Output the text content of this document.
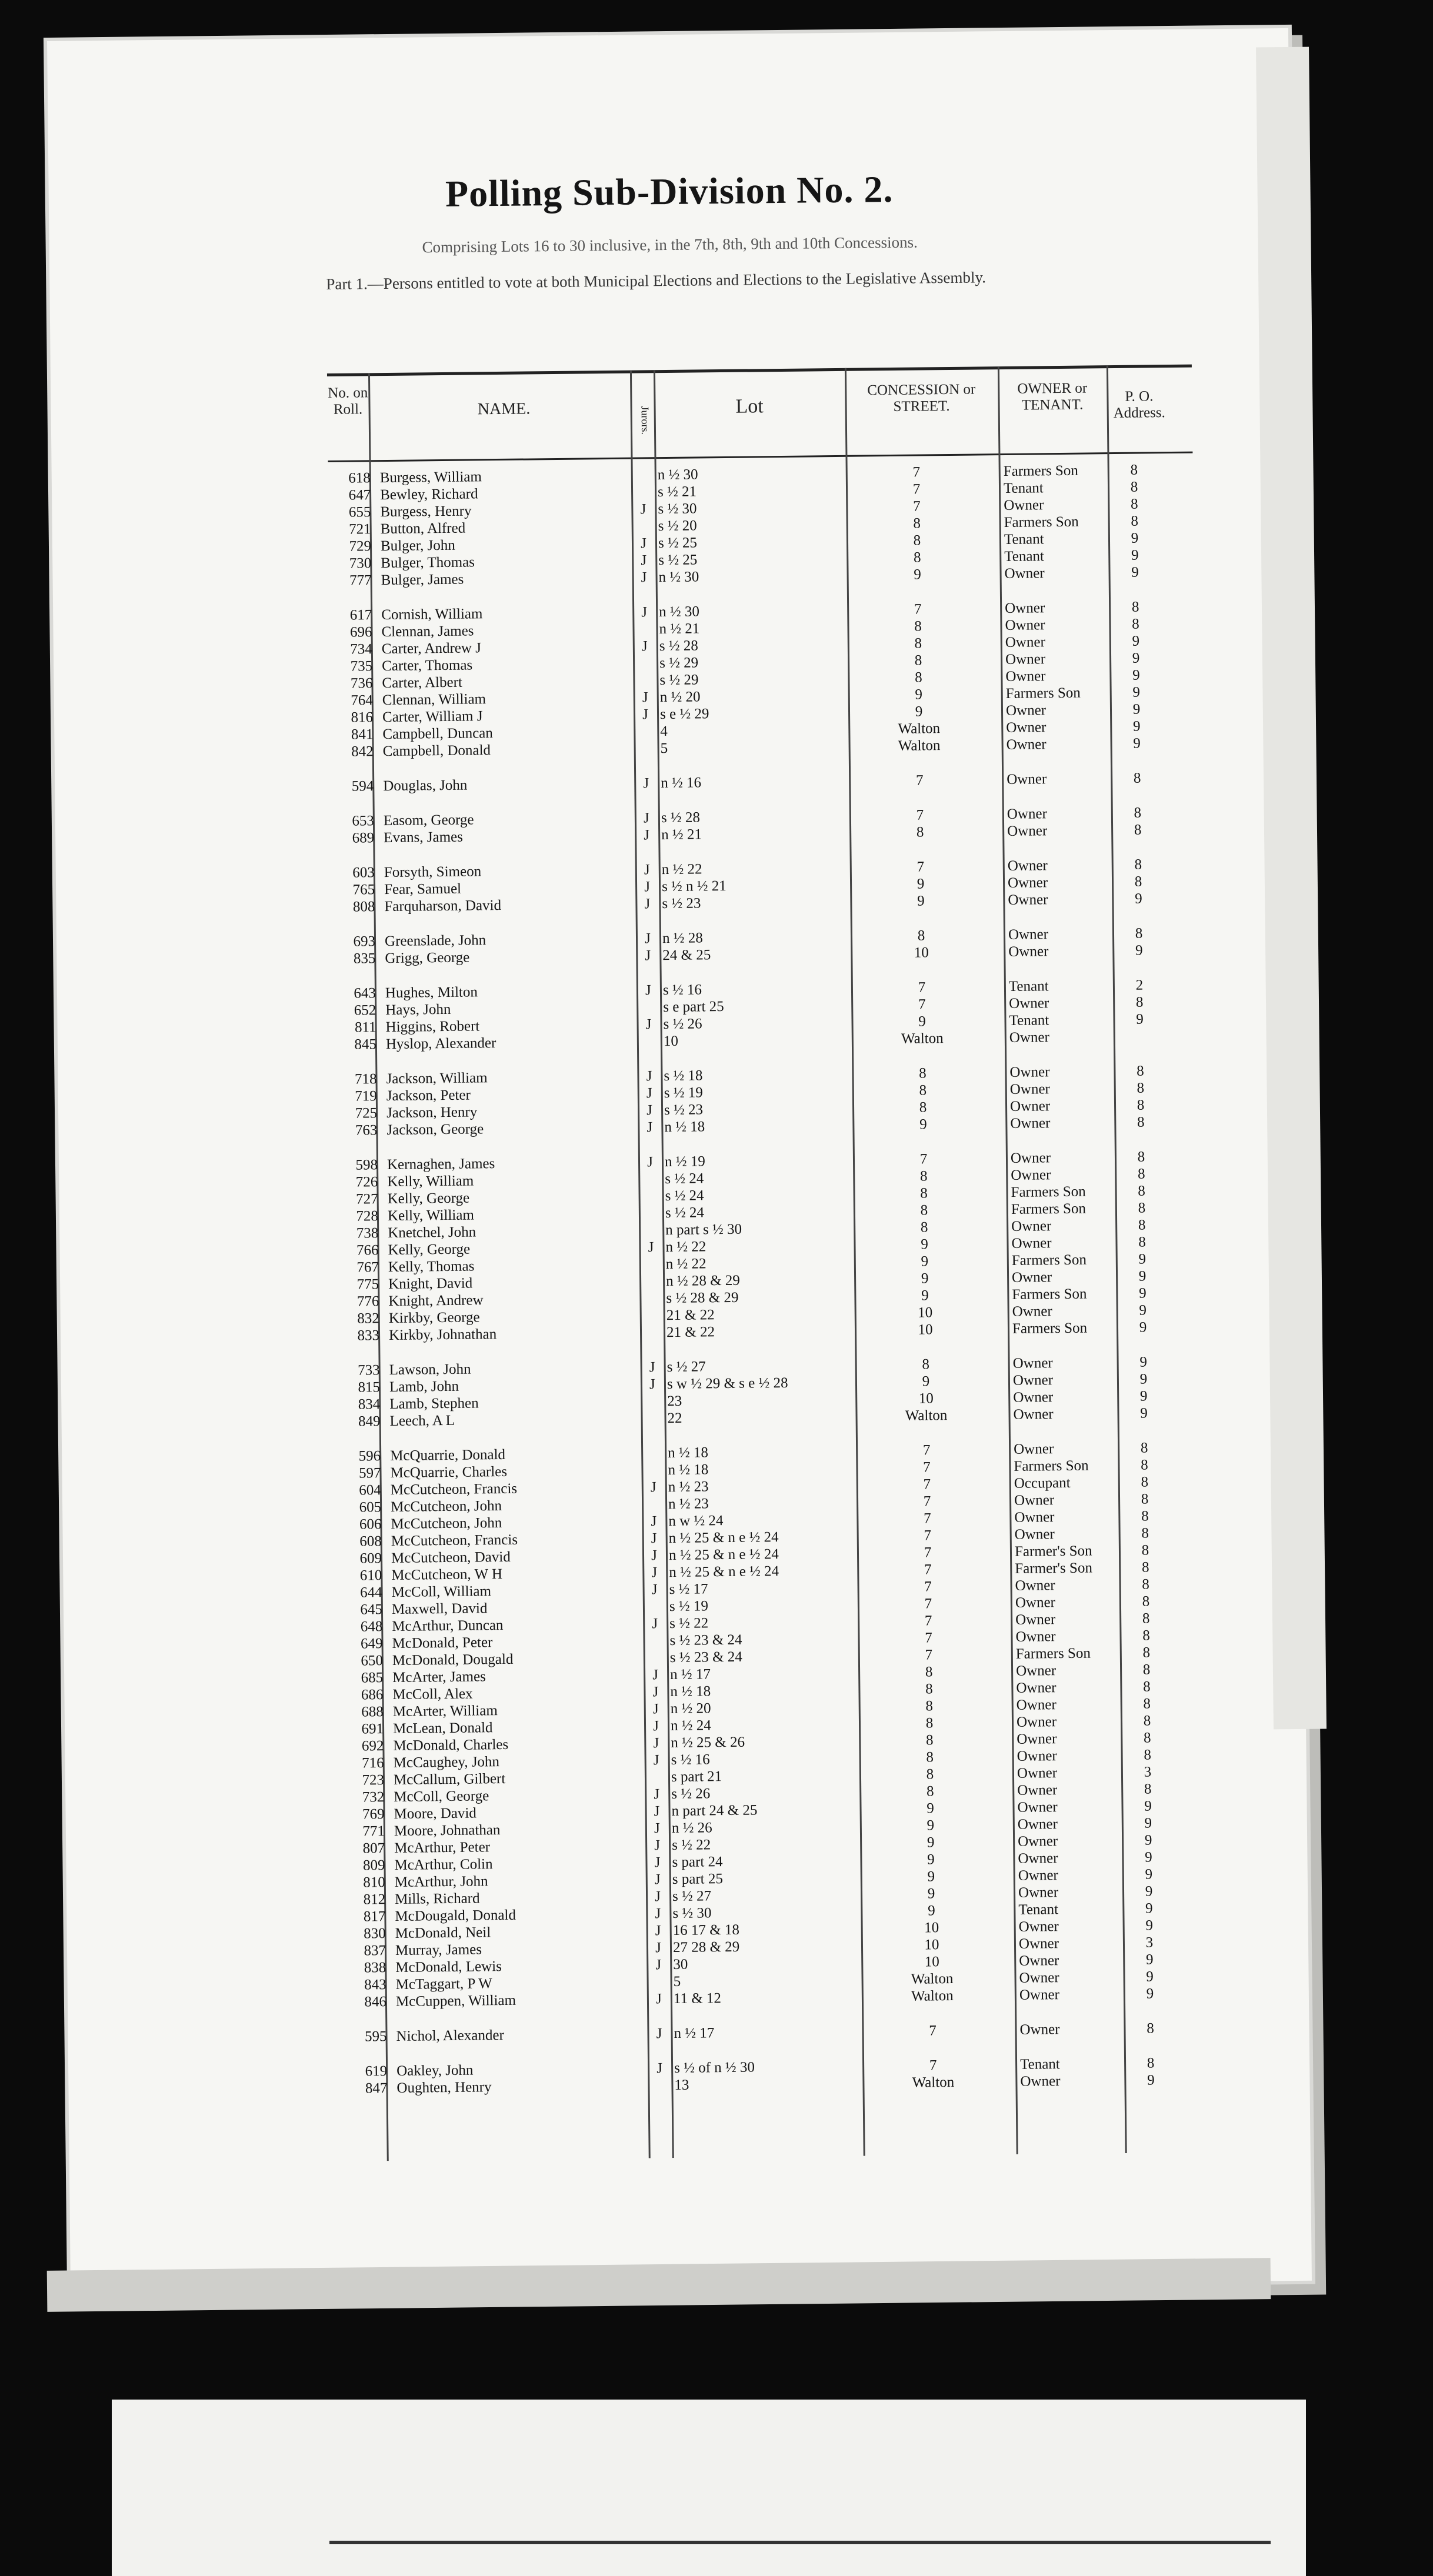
Polling Sub-Division No. 2.
Comprising Lots 16 to 30 inclusive, in the 7th, 8th, 9th and 10th Concessions.
Part 1.—Persons entitled to vote at both Municipal Elections and Elections to the Legislative Assembly.
No. on Roll.	NAME.	Jurors.	Lot
CONCESSION or STREET.
OWNER or TENANT.
P. O. Address.
618 Burgess, William	n ½ 30	7	Farmers Son	8
647 Bewley, Richard	s ½ 21	7	Tenant	8
655 Burgess, Henry	J s ½ 30	7	Owner	8
721 Button, Alfred	s ½ 20	8	Farmers Son	8
729 Bulger, John	J s ½ 25	8	Tenant	9
730 Bulger, Thomas	J s ½ 25	8	Tenant	9
777 Bulger, James	J n ½ 30	9	Owner	9
617 Cornish, William	J n ½ 30	7	Owner	8
696 Clennan, James	n ½ 21	8	Owner	8
734 Carter, Andrew J	J s ½ 28	8	Owner	9
735 Carter, Thomas	s ½ 29	8	Owner	9
736 Carter, Albert	s ½ 29	8	Owner	9
764 Clennan, William	J n ½ 20	9	Farmers Son	9
816 Carter, William J	J s e ½ 29	9	Owner	9
841 Campbell, Duncan	4	Walton	Owner	9
842 Campbell, Donald	5	Walton	Owner	9
594 Douglas, John	J n ½ 16	7	Owner	8
653 Easom, George	J s ½ 28	7	Owner	8
689 Evans, James	J n ½ 21	8	Owner	8
603 Forsyth, Simeon	J n ½ 22	7	Owner	8
765 Fear, Samuel	J s ½ n ½ 21	9	Owner	8
808 Farquharson, David	J s ½ 23	9	Owner	9
693 Greenslade, John	J n ½ 28	8	Owner	8
835 Grigg, George	J 24 & 25	10	Owner	9
643 Hughes, Milton	J s ½ 16	7	Tenant	2
652 Hays, John	s e part 25	7	Owner	8
811 Higgins, Robert	J s ½ 26	9	Tenant	9
845 Hyslop, Alexander	10	Walton	Owner
718 Jackson, William	J s ½ 18	8	Owner	8
719 Jackson, Peter	J s ½ 19	8	Owner	8
725 Jackson, Henry	J s ½ 23	8	Owner	8
763 Jackson, George	J n ½ 18	9	Owner	8
598 Kernaghen, James	J n ½ 19	7	Owner	8
726 Kelly, William	s ½ 24	8	Owner	8
727 Kelly, George	s ½ 24	8	Farmers Son	8
728 Kelly, William	s ½ 24	8	Farmers Son	8
738 Knetchel, John	n part s ½ 30	8	Owner	8
766 Kelly, George	J n ½ 22	9	Owner	8
767 Kelly, Thomas	n ½ 22	9	Farmers Son	9
775 Knight, David	n ½ 28 & 29	9	Owner	9
776 Knight, Andrew	s ½ 28 & 29	9	Farmers Son	9
832 Kirkby, George	21 & 22	10	Owner	9
833 Kirkby, Johnathan	21 & 22	10	Farmers Son	9
733 Lawson, John	J s ½ 27	8	Owner	9
815 Lamb, John	J s w ½ 29 & s e ½ 28	9	Owner	9
834 Lamb, Stephen	23	10	Owner	9
849 Leech, A L	22	Walton	Owner	9
596 McQuarrie, Donald	n ½ 18	7	Owner	8
597 McQuarrie, Charles	n ½ 18	7	Farmers Son	8
604 McCutcheon, Francis	J n ½ 23	7	Occupant	8
605 McCutcheon, John	n ½ 23	7	Owner	8
606 McCutcheon, John	J n w ½ 24	7	Owner	8
608 McCutcheon, Francis	J n ½ 25 & n e ½ 24	7	Owner	8
609 McCutcheon, David	J n ½ 25 & n e ½ 24	7	Farmer's Son	8
610 McCutcheon, W H	J n ½ 25 & n e ½ 24	7	Farmer's Son	8
644 McColl, William	J s ½ 17	7	Owner	8
645 Maxwell, David	s ½ 19	7	Owner	8
648 McArthur, Duncan	J s ½ 22	7	Owner	8
649 McDonald, Peter	s ½ 23 & 24	7	Owner	8
650 McDonald, Dougald	s ½ 23 & 24	7	Farmers Son	8
685 McArter, James	J n ½ 17	8	Owner	8
686 McColl, Alex	J n ½ 18	8	Owner	8
688 McArter, William	J n ½ 20	8	Owner	8
691 McLean, Donald	J n ½ 24	8	Owner	8
692 McDonald, Charles	J n ½ 25 & 26	8	Owner	8
716 McCaughey, John	J s ½ 16	8	Owner	8
723 McCallum, Gilbert	s part 21	8	Owner	3
732 McColl, George	J s ½ 26	8	Owner	8
769 Moore, David	J n part 24 & 25	9	Owner	9
771 Moore, Johnathan	J n ½ 26	9	Owner	9
807 McArthur, Peter	J s ½ 22	9	Owner	9
809 McArthur, Colin	J s part 24	9	Owner	9
810 McArthur, John	J s part 25	9	Owner	9
812 Mills, Richard	J s ½ 27	9	Owner	9
817 McDougald, Donald	J s ½ 30	9	Tenant	9
830 McDonald, Neil	J 16 17 & 18	10	Owner	9
837 Murray, James	J 27 28 & 29	10	Owner	3
838 McDonald, Lewis	J 30	10	Owner	9
843 McTaggart, P W	5	Walton	Owner	9
846 McCuppen, William	J 11 & 12	Walton	Owner	9
595 Nichol, Alexander	J n ½ 17	7	Owner	8
619 Oakley, John	J s ½ of n ½ 30	7	Tenant	8
847 Oughten, Henry	13	Walton	Owner	9
